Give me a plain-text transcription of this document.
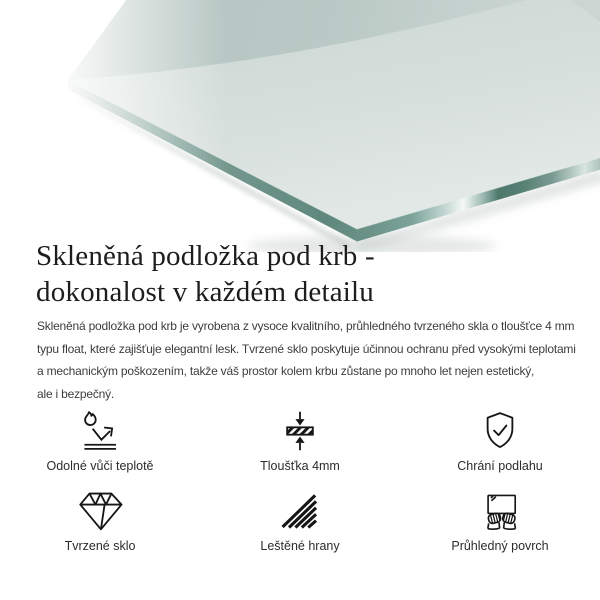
Skleněná podložka pod krb -
dokonalost v každém detailu
Skleněná podložka pod krb je vyrobena z vysoce kvalitního, průhledného tvrzeného skla o tloušťce 4 mm
typu float, které zajišťuje elegantní lesk. Tvrzené sklo poskytuje účinnou ochranu před vysokými teplotami
a mechanickým poškozením, takže váš prostor kolem krbu zůstane po mnoho let nejen estetický,
ale i bezpečný.
Odolné vůči teplotě	Tloušťka 4mm	Chrání podlahu
Tvrzené sklo	Leštěné hrany	Průhledný povrch
